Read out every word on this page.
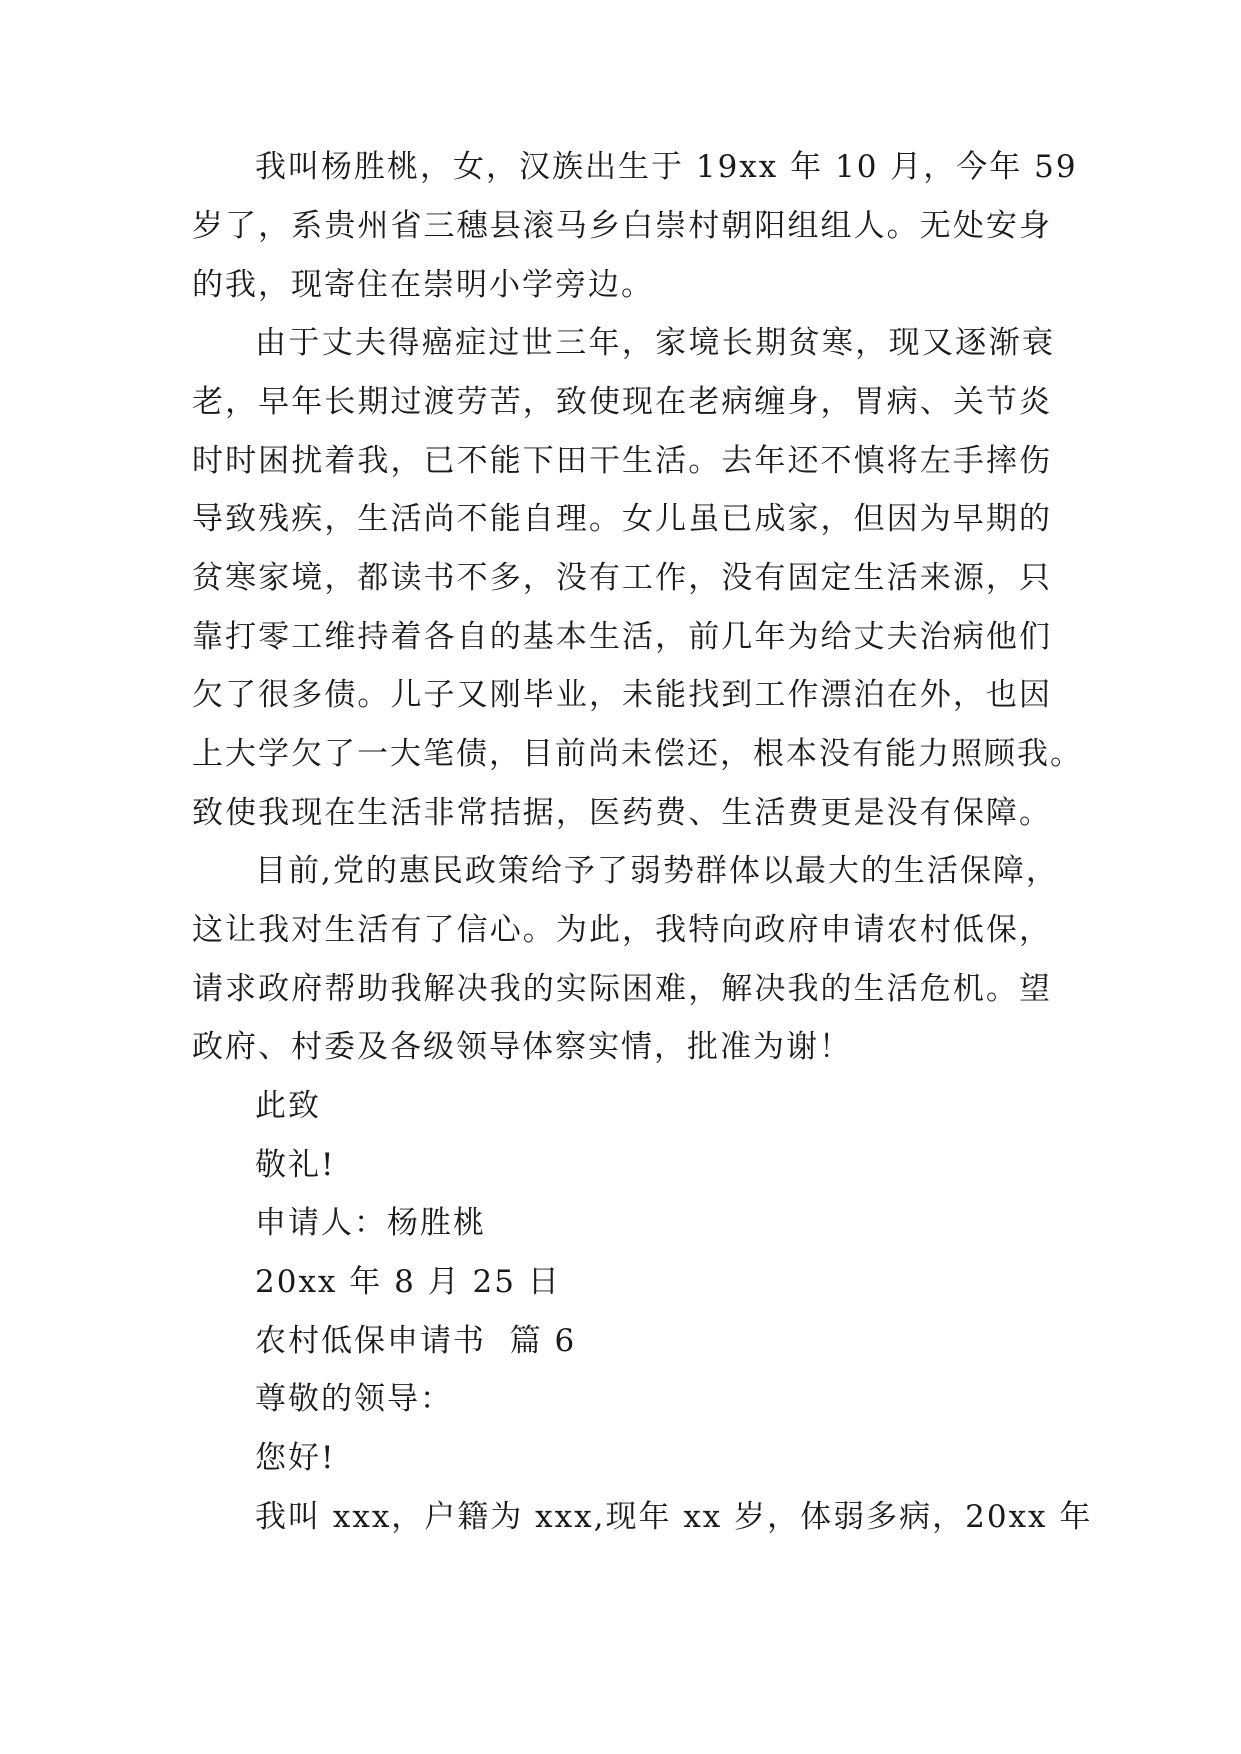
我叫杨胜桃，女，汉族出生于 19xx 年 10 月，今年 59
岁了，系贵州省三穗县滚马乡白崇村朝阳组组人。无处安身
的我，现寄住在崇明小学旁边。
由于丈夫得癌症过世三年，家境长期贫寒，现又逐渐衰
老，早年长期过渡劳苦，致使现在老病缠身，胃病、关节炎
时时困扰着我，已不能下田干生活。去年还不慎将左手摔伤
导致残疾，生活尚不能自理。女儿虽已成家，但因为早期的
贫寒家境，都读书不多，没有工作，没有固定生活来源，只
靠打零工维持着各自的基本生活，前几年为给丈夫治病他们
欠了很多债。儿子又刚毕业，未能找到工作漂泊在外，也因
上大学欠了一大笔债，目前尚未偿还，根本没有能力照顾我。
致使我现在生活非常拮据，医药费、生活费更是没有保障。
目前,党的惠民政策给予了弱势群体以最大的生活保障，
这让我对生活有了信心。为此，我特向政府申请农村低保，
请求政府帮助我解决我的实际困难，解决我的生活危机。望
政府、村委及各级领导体察实情，批准为谢！
此致
敬礼!
申请人：杨胜桃
20xx 年 8 月 25 日
农村低保申请书  篇 6
尊敬的领导：
您好!
我叫 xxx，户籍为 xxx,现年 xx 岁，体弱多病，20xx 年
